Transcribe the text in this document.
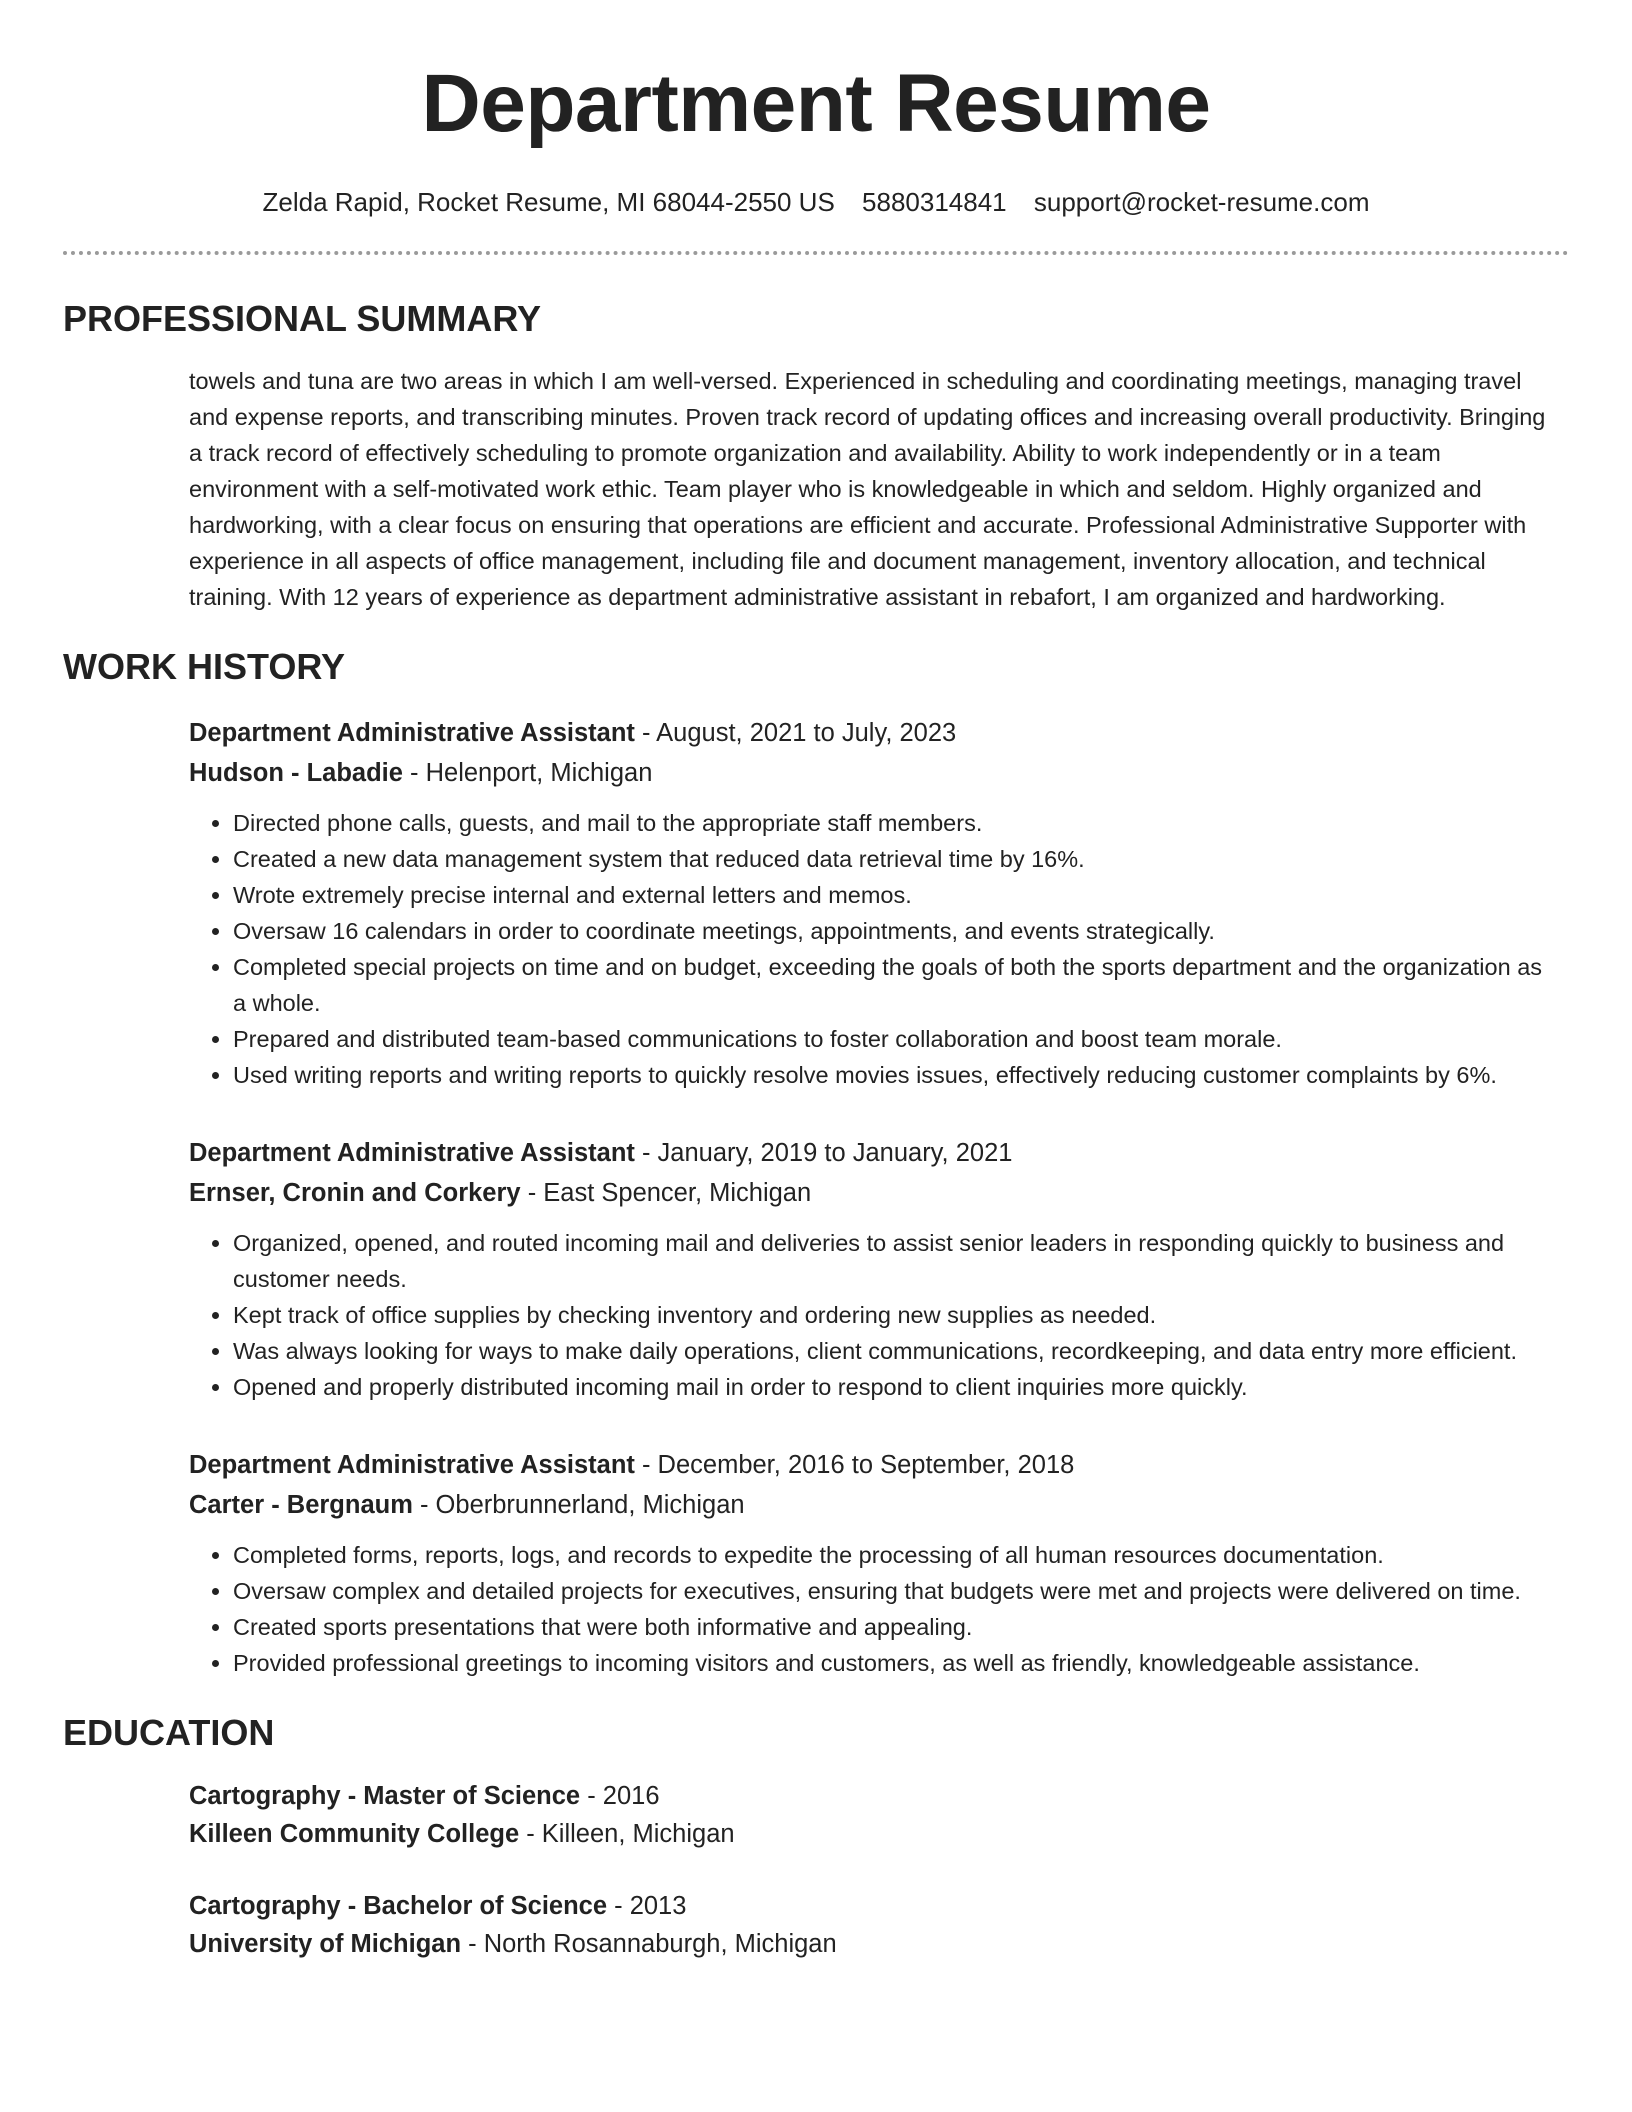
Department Resume
Zelda Rapid, Rocket Resume, MI 68044-2550 US 5880314841 support@rocket-resume.com
PROFESSIONAL SUMMARY

towels and tuna are two areas in which I am well-versed. Experienced in scheduling and coordinating meetings, managing travel and expense reports, and transcribing minutes. Proven track record of updating offices and increasing overall productivity. Bringing a track record of effectively scheduling to promote organization and availability. Ability to work independently or in a team environment with a self-motivated work ethic. Team player who is knowledgeable in which and seldom. Highly organized and hardworking, with a clear focus on ensuring that operations are efficient and accurate. Professional Administrative Supporter with experience in all aspects of office management, including file and document management, inventory allocation, and technical training. With 12 years of experience as department administrative assistant in rebafort, I am organized and hardworking.

WORK HISTORY
Department Administrative Assistant - August, 2021 to July, 2023
Hudson - Labadie - Helenport, Michigan
• Directed phone calls, guests, and mail to the appropriate staff members.
• Created a new data management system that reduced data retrieval time by 16%.
• Wrote extremely precise internal and external letters and memos.
• Oversaw 16 calendars in order to coordinate meetings, appointments, and events strategically.
• Completed special projects on time and on budget, exceeding the goals of both the sports department and the organization as a whole.
• Prepared and distributed team-based communications to foster collaboration and boost team morale.
• Used writing reports and writing reports to quickly resolve movies issues, effectively reducing customer complaints by 6%.
Department Administrative Assistant - January, 2019 to January, 2021
Ernser, Cronin and Corkery - East Spencer, Michigan
• Organized, opened, and routed incoming mail and deliveries to assist senior leaders in responding quickly to business and customer needs.
• Kept track of office supplies by checking inventory and ordering new supplies as needed.
• Was always looking for ways to make daily operations, client communications, recordkeeping, and data entry more efficient.
• Opened and properly distributed incoming mail in order to respond to client inquiries more quickly.
Department Administrative Assistant - December, 2016 to September, 2018
Carter - Bergnaum - Oberbrunnerland, Michigan
• Completed forms, reports, logs, and records to expedite the processing of all human resources documentation.
• Oversaw complex and detailed projects for executives, ensuring that budgets were met and projects were delivered on time.
• Created sports presentations that were both informative and appealing.
• Provided professional greetings to incoming visitors and customers, as well as friendly, knowledgeable assistance.
EDUCATION
Cartography - Master of Science - 2016
Killeen Community College - Killeen, Michigan
Cartography - Bachelor of Science - 2013
University of Michigan - North Rosannaburgh, Michigan
